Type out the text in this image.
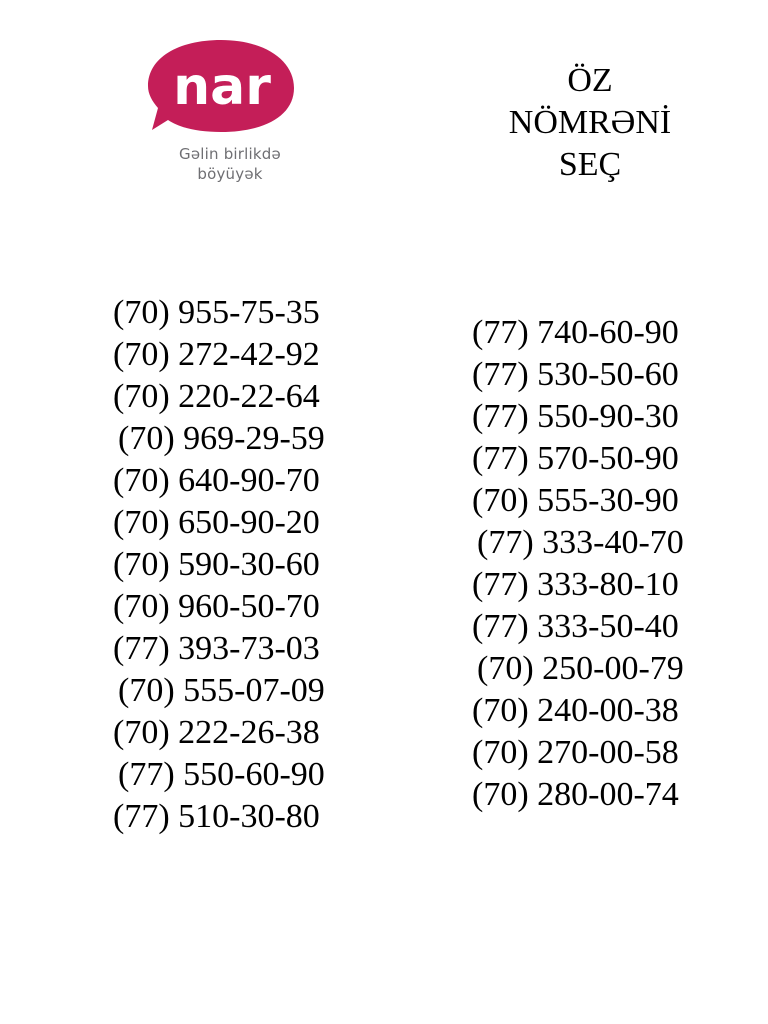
nar
Gəlin birlikdə
böyüyək
ÖZ
NÖMRƏNİ
SEÇ
(70) 955-75-35
(70) 272-42-92
(70) 220-22-64
(70) 969-29-59
(70) 640-90-70
(70) 650-90-20
(70) 590-30-60
(70) 960-50-70
(77) 393-73-03
(70) 555-07-09
(70) 222-26-38
(77) 550-60-90
(77) 510-30-80
(77) 740-60-90
(77) 530-50-60
(77) 550-90-30
(77) 570-50-90
(70) 555-30-90
(77) 333-40-70
(77) 333-80-10
(77) 333-50-40
(70) 250-00-79
(70) 240-00-38
(70) 270-00-58
(70) 280-00-74
